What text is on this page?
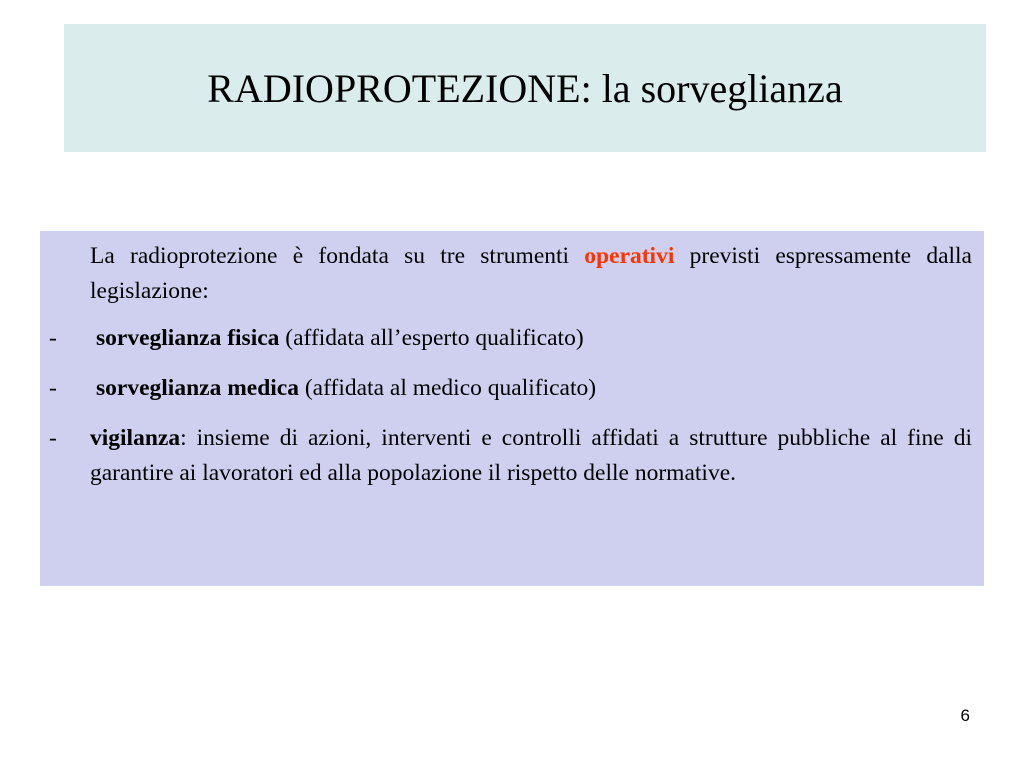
RADIOPROTEZIONE: la sorveglianza

La radioprotezione è fondata su tre strumenti operativi previsti espressamente dalla legislazione:

- sorveglianza fisica (affidata all’esperto qualificato)

- sorveglianza medica (affidata al medico qualificato)

- vigilanza: insieme di azioni, interventi e controlli affidati a strutture pubbliche al fine di garantire ai lavoratori ed alla popolazione il rispetto delle normative.

6
